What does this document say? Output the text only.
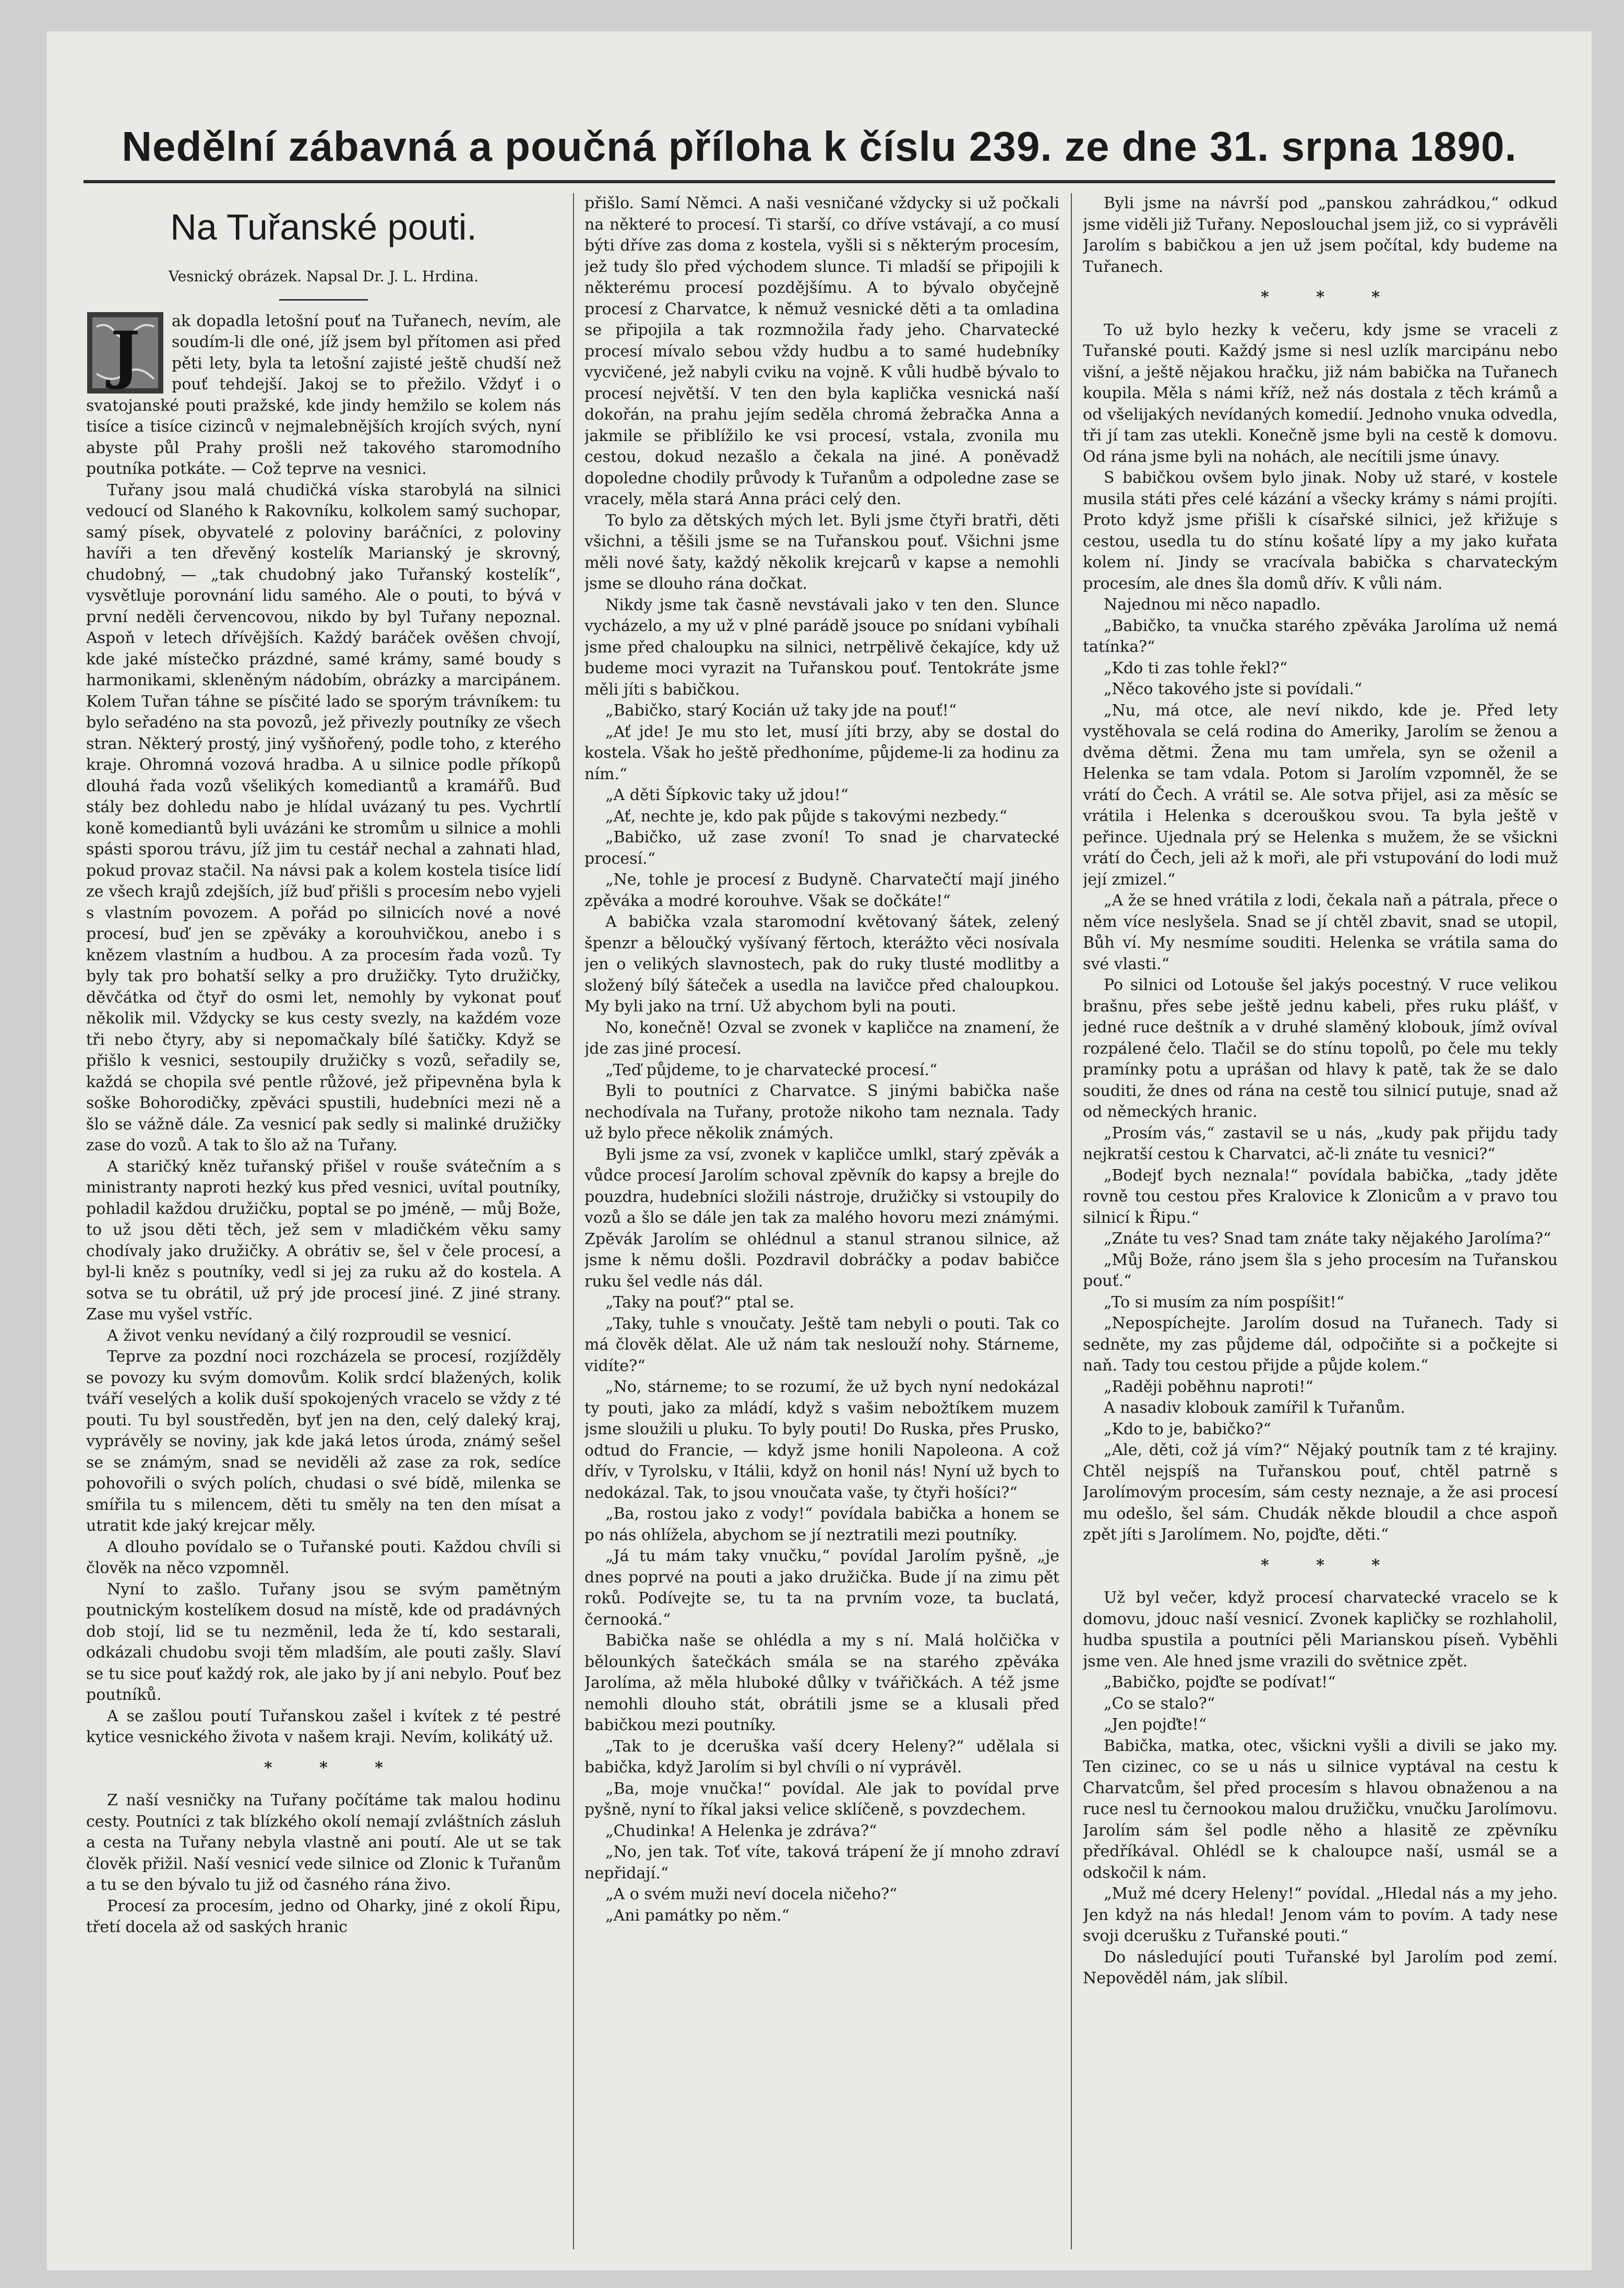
Nedělní zábavná a poučná příloha k číslu 239. ze dne 31. srpna 1890.
Na Tuřanské pouti.
Vesnický obrázek. Napsal Dr. J. L. Hrdina.
J	ak dopadla letošní pouť na Tuřanech, nevím, ale soudím-li dle oné, jíž jsem byl přítomen asi před pěti lety, byla ta letošní zajisté ještě chudší než pouť tehdejší. Jakoj se to přežilo. Vždyť i o svatojanské pouti pražské, kde jindy hemžilo se kolem nás tisíce a tisíce cizinců v nejmalebnějších krojích svých, nyní abyste půl Prahy prošli než takového staromodního poutníka potkáte. — Což teprve na vesnici.

Tuřany jsou malá chudičká víska starobylá na silnici vedoucí od Slaného k Rakovníku, kolkolem samý suchopar, samý písek, obyvatelé z poloviny baráčníci, z poloviny havíři a ten dřevěný kostelík Marianský je skrovný, chudobný, — „tak chudobný jako Tuřanský kostelík“, vysvětluje porovnání lidu samého. Ale o pouti, to bývá v první neděli červencovou, nikdo by byl Tuřany nepoznal. Aspoň v letech dřívějších. Každý baráček ověšen chvojí, kde jaké místečko prázdné, samé krámy, samé boudy s harmonikami, skleněným nádobím, obrázky a marcipánem. Kolem Tuřan táhne se písčité lado se sporým trávníkem: tu bylo seřadéno na sta povozů, jež přivezly poutníky ze všech stran. Některý prostý, jiný vyšňořený, podle toho, z kterého kraje. Ohromná vozová hradba. A u silnice podle příkopů dlouhá řada vozů všelikých komediantů a kramářů. Buď stály bez dohledu nabo je hlídal uvázaný tu pes. Vychrtlí koně komediantů byli uvázáni ke stromům u silnice a mohli spásti sporou trávu, jíž jim tu cestář nechal a zahnati hlad, pokud provaz stačil. Na návsi pak a kolem kostela tisíce lidí ze všech krajů zdejších, jíž buď přišli s procesím nebo vyjeli s vlastním povozem. A pořád po silnicích nové a nové procesí, buď jen se zpěváky a korouhvičkou, anebo i s knězem vlastním a hudbou. A za procesím řada vozů. Ty byly tak pro bohatší selky a pro družičky. Tyto družičky, děvčátka od čtyř do osmi let, nemohly by vykonat pouť několik mil. Vždycky se kus cesty svezly, na každém voze tři nebo čtyry, aby si nepomačkaly bílé šatičky. Když se přišlo k vesnici, sestoupily družičky s vozů, seřadily se, každá se chopila své pentle růžové, jež připevněna byla k soške Bohorodičky, zpěváci spustili, hudebníci mezi ně a šlo se vážně dále. Za vesnicí pak sedly si malinké družičky zase do vozů. A tak to šlo až na Tuřany.

A staričký kněz tuřanský přišel v rouše svátečním a s ministranty naproti hezký kus před vesnici, uvítal poutníky, pohladil každou družičku, poptal se po jméně, — můj Bože, to už jsou děti těch, jež sem v mladičkém věku samy chodívaly jako družičky. A obrátiv se, šel v čele procesí, a byl-li kněz s poutníky, vedl si jej za ruku až do kostela. A sotva se tu obrátil, už prý jde procesí jiné. Z jiné strany. Zase mu vyšel vstříc.

A život venku nevídaný a čilý rozproudil se vesnicí.

Teprve za pozdní noci rozcházela se procesí, rozjížděly se povozy ku svým domovům. Kolik srdcí blažených, kolik tváří veselých a kolik duší spokojených vracelo se vždy z té pouti. Tu byl soustředěn, byť jen na den, celý daleký kraj, vyprávěly se noviny, jak kde jaká letos úroda, známý sešel se se známým, snad se neviděli až zase za rok, sedíce pohovořili o svých polích, chudasi o své bídě, milenka se smířila tu s milencem, děti tu směly na ten den mísat a utratit kde jaký krejcar měly.

A dlouho povídalo se o Tuřanské pouti. Každou chvíli si člověk na něco vzpomněl.

Nyní to zašlo. Tuřany jsou se svým pamětným poutnickým kostelíkem dosud na místě, kde od pradávných dob stojí, lid se tu nezměnil, leda že tí, kdo sestarali, odkázali chudobu svoji těm mladším, ale pouti zašly. Slaví se tu sice pouť každý rok, ale jako by jí ani nebylo. Pouť bez poutníků.

A se zašlou poutí Tuřanskou zašel i kvítek z té pestré kytice vesnického života v našem kraji. Nevím, kolikátý už.

* * *

Z naší vesničky na Tuřany počítáme tak malou hodinu cesty. Poutníci z tak blízkého okolí nemají zvláštních zásluh a cesta na Tuřany nebyla vlastně ani poutí. Ale ut se tak člověk přižil. Naší vesnicí vede silnice od Zlonic k Tuřanům a tu se den bývalo tu již od časného rána živo.

Procesí za procesím, jedno od Oharky, jiné z okolí Řipu, třetí docela až od saských hranic

přišlo. Samí Němci. A naši vesničané vždycky si už počkali na některé to procesí. Ti starší, co dříve vstávají, a co musí býti dříve zas doma z kostela, vyšli si s některým procesím, jež tudy šlo před východem slunce. Ti mladší se připojili k některému procesí pozdějšímu. A to bývalo obyčejně procesí z Charvatce, k němuž vesnické děti a ta omladina se připojila a tak rozmnožila řady jeho. Charvatecké procesí mívalo sebou vždy hudbu a to samé hudebníky vycvičené, jež nabyli cviku na vojně. K vůli hudbě bývalo to procesí největší. V ten den byla kaplička vesnická naší dokořán, na prahu jejím seděla chromá žebračka Anna a jakmile se přiblížilo ke vsi procesí, vstala, zvonila mu cestou, dokud nezašlo a čekala na jiné. A poněvadž dopoledne chodily průvody k Tuřanům a odpoledne zase se vracely, měla stará Anna práci celý den.

To bylo za dětských mých let. Byli jsme čtyři bratři, děti všichni, a těšili jsme se na Tuřanskou pouť. Všichni jsme měli nové šaty, každý několik krejcarů v kapse a nemohli jsme se dlouho rána dočkat.

Nikdy jsme tak časně nevstávali jako v ten den. Slunce vycházelo, a my už v plné parádě jsouce po snídani vybíhali jsme před chaloupku na silnici, netrpělivě čekajíce, kdy už budeme moci vyrazit na Tuřanskou pouť. Tentokráte jsme měli jíti s babičkou.

„Babičko, starý Kocián už taky jde na pouť!“

„Ať jde! Je mu sto let, musí jíti brzy, aby se dostal do kostela. Však ho ještě předhoníme, půjdeme-li za hodinu za ním.“

„A děti Šípkovic taky už jdou!“

„Ať, nechte je, kdo pak půjde s takovými nezbedy.“

„Babičko, už zase zvoní! To snad je charvatecké procesí.“

„Ne, tohle je procesí z Budyně. Charvatečtí mají jiného zpěváka a modré korouhve. Však se dočkáte!“

A babička vzala staromodní květovaný šátek, zelený špenzr a běloučký vyšívaný fěrtoch, kterážto věci nosívala jen o velikých slavnostech, pak do ruky tlusté modlitby a složený bílý šáteček a usedla na lavičce před chaloupkou. My byli jako na trní. Už abychom byli na pouti.

No, konečně! Ozval se zvonek v kapličce na znamení, že jde zas jiné procesí.

„Teď půjdeme, to je charvatecké procesí.“

Byli to poutníci z Charvatce. S jinými babička naše nechodívala na Tuřany, protože nikoho tam neznala. Tady už bylo přece několik známých.

Byli jsme za vsí, zvonek v kapličce umlkl, starý zpěvák a vůdce procesí Jarolím schoval zpěvník do kapsy a brejle do pouzdra, hudebníci složili nástroje, družičky si vstoupily do vozů a šlo se dále jen tak za malého hovoru mezi známými. Zpěvák Jarolím se ohlédnul a stanul stranou silnice, až jsme k němu došli. Pozdravil dobráčky a podav babičce ruku šel vedle nás dál.

„Taky na pouť?“ ptal se.

„Taky, tuhle s vnoučaty. Ještě tam nebyli o pouti. Tak co má člověk dělat. Ale už nám tak neslouží nohy. Stárneme, vidíte?“

„No, stárneme; to se rozumí, že už bych nyní nedokázal ty pouti, jako za mládí, když s vašim nebožtíkem muzem jsme sloužili u pluku. To byly pouti! Do Ruska, přes Prusko, odtud do Francie, — když jsme honili Napoleona. A což dřív, v Tyrolsku, v Itálii, když on honil nás! Nyní už bych to nedokázal. Tak, to jsou vnoučata vaše, ty čtyři hošíci?“

„Ba, rostou jako z vody!“ povídala babička a honem se po nás ohlížela, abychom se jí neztratili mezi poutníky.

„Já tu mám taky vnučku,“ povídal Jarolím pyšně, „je dnes poprvé na pouti a jako družička. Bude jí na zimu pět roků. Podívejte se, tu ta na prvním voze, ta buclatá, černooká.“

Babička naše se ohlédla a my s ní. Malá holčička v bělounkých šatečkách smála se na starého zpěváka Jarolíma, až měla hluboké důlky v tvářičkách. A též jsme nemohli dlouho stát, obrátili jsme se a klusali před babičkou mezi poutníky.

„Tak to je dceruška vaší dcery Heleny?“ udělala si babička, když Jarolím si byl chvíli o ní vyprávěl.

„Ba, moje vnučka!“ povídal. Ale jak to povídal prve pyšně, nyní to říkal jaksi velice sklíčeně, s povzdechem.

„Chudinka! A Helenka je zdráva?“

„No, jen tak. Toť víte, taková trápení že jí mnoho zdraví nepřidají.“

„A o svém muži neví docela ničeho?“

„Ani památky po něm.“

Byli jsme na návrší pod „panskou zahrádkou,“ odkud jsme viděli již Tuřany. Neposlouchal jsem již, co si vyprávěli Jarolím s babičkou a jen už jsem počítal, kdy budeme na Tuřanech.

* * *

To už bylo hezky k večeru, kdy jsme se vraceli z Tuřanské pouti. Každý jsme si nesl uzlík marcipánu nebo višní, a ještě nějakou hračku, již nám babička na Tuřanech koupila. Měla s námi kříž, než nás dostala z těch krámů a od všelijakých nevídaných komedií. Jednoho vnuka odvedla, tři jí tam zas utekli. Konečně jsme byli na cestě k domovu. Od rána jsme byli na nohách, ale necítili jsme únavy.

S babičkou ovšem bylo jinak. Noby už staré, v kostele musila státi přes celé kázání a všecky krámy s námi projíti. Proto když jsme přišli k císařské silnici, jež křižuje s cestou, usedla tu do stínu košaté lípy a my jako kuřata kolem ní. Jindy se vracívala babička s charvateckým procesím, ale dnes šla domů dřív. K vůli nám.

Najednou mi něco napadlo.

„Babičko, ta vnučka starého zpěváka Jarolíma už nemá tatínka?“

„Kdo ti zas tohle řekl?“

„Něco takového jste si povídali.“

„Nu, má otce, ale neví nikdo, kde je. Před lety vystěhovala se celá rodina do Ameriky, Jarolím se ženou a dvěma dětmi. Žena mu tam umřela, syn se oženil a Helenka se tam vdala. Potom si Jarolím vzpomněl, že se vrátí do Čech. A vrátil se. Ale sotva přijel, asi za měsíc se vrátila i Helenka s dcerouškou svou. Ta byla ještě v peřince. Ujednala prý se Helenka s mužem, že se všickni vrátí do Čech, jeli až k moři, ale při vstupování do lodi muž její zmizel.“

„A že se hned vrátila z lodi, čekala naň a pátrala, přece o něm více neslyšela. Snad se jí chtěl zbavit, snad se utopil, Bůh ví. My nesmíme souditi. Helenka se vrátila sama do své vlasti.“

Po silnici od Lotouše šel jakýs pocestný. V ruce velikou brašnu, přes sebe ještě jednu kabeli, přes ruku plášť, v jedné ruce deštník a v druhé slaměný klobouk, jímž ovíval rozpálené čelo. Tlačil se do stínu topolů, po čele mu tekly pramínky potu a uprášan od hlavy k patě, tak že se dalo souditi, že dnes od rána na cestě tou silnicí putuje, snad až od německých hranic.

„Prosím vás,“ zastavil se u nás, „kudy pak přijdu tady nejkratší cestou k Charvatci, ač-li znáte tu vesnici?“

„Bodejť bych neznala!“ povídala babička, „tady jděte rovně tou cestou přes Kralovice k Zlonicům a v pravo tou silnicí k Řipu.“

„Znáte tu ves? Snad tam znáte taky nějakého Jarolíma?“

„Můj Bože, ráno jsem šla s jeho procesím na Tuřanskou pouť.“

„To si musím za ním pospíšit!“

„Nepospíchejte. Jarolím dosud na Tuřanech. Tady si sedněte, my zas půjdeme dál, odpočiňte si a počkejte si naň. Tady tou cestou přijde a půjde kolem.“

„Raději poběhnu naproti!“

A nasadiv klobouk zamířil k Tuřanům.

„Kdo to je, babičko?“

„Ale, děti, což já vím?“ Nějaký poutník tam z té krajiny. Chtěl nejspíš na Tuřanskou pouť, chtěl patrně s Jarolímovým procesím, sám cesty neznaje, a že asi procesí mu odešlo, šel sám. Chudák někde bloudil a chce aspoň zpět jíti s Jarolímem. No, pojďte, děti.“

* * *

Už byl večer, když procesí charvatecké vracelo se k domovu, jdouc naší vesnicí. Zvonek kapličky se rozhlaholil, hudba spustila a poutníci pěli Marianskou píseň. Vyběhli jsme ven. Ale hned jsme vrazili do světnice zpět.

„Babičko, pojďte se podívat!“

„Co se stalo?“

„Jen pojďte!“

Babička, matka, otec, všickni vyšli a divili se jako my. Ten cizinec, co se u nás u silnice vyptával na cestu k Charvatcům, šel před procesím s hlavou obnaženou a na ruce nesl tu černookou malou družičku, vnučku Jarolímovu. Jarolím sám šel podle něho a hlasitě ze zpěvníku předříkával. Ohlédl se k chaloupce naší, usmál se a odskočil k nám.

„Muž mé dcery Heleny!“ povídal. „Hledal nás a my jeho. Jen když na nás hledal! Jenom vám to povím. A tady nese svoji dcerušku z Tuřanské pouti.“

Do následující pouti Tuřanské byl Jarolím pod zemí. Nepověděl nám, jak slíbil.
